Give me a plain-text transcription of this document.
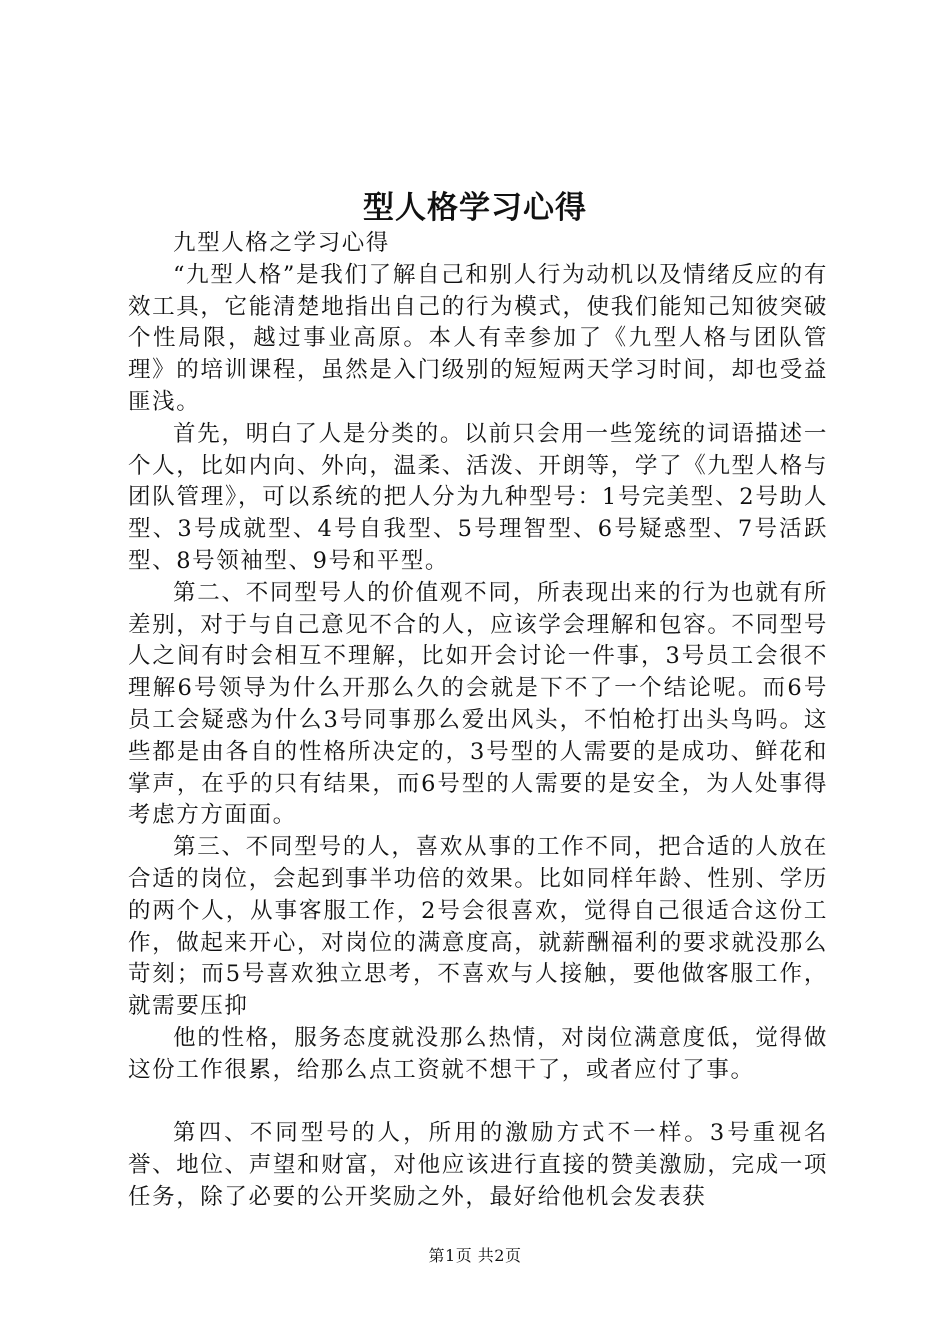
型人格学习心得

九型人格之学习心得

“九型人格”是我们了解自己和别人行为动机以及情绪反应的有效工具，它能清楚地指出自己的行为模式，使我们能知己知彼突破个性局限，越过事业高原。本人有幸参加了《九型人格与团队管理》的培训课程，虽然是入门级别的短短两天学习时间，却也受益匪浅。

首先，明白了人是分类的。以前只会用一些笼统的词语描述一个人，比如内向、外向，温柔、活泼、开朗等，学了《九型人格与团队管理》，可以系统的把人分为九种型号：1号完美型、2号助人型、3号成就型、4号自我型、5号理智型、6号疑惑型、7号活跃型、8号领袖型、9号和平型。

第二、不同型号人的价值观不同，所表现出来的行为也就有所差别，对于与自己意见不合的人，应该学会理解和包容。不同型号人之间有时会相互不理解，比如开会讨论一件事，3号员工会很不理解6号领导为什么开那么久的会就是下不了一个结论呢。而6号员工会疑惑为什么3号同事那么爱出风头，不怕枪打出头鸟吗。这些都是由各自的性格所决定的，3号型的人需要的是成功、鲜花和掌声，在乎的只有结果，而6号型的人需要的是安全，为人处事得考虑方方面面。

第三、不同型号的人，喜欢从事的工作不同，把合适的人放在合适的岗位，会起到事半功倍的效果。比如同样年龄、性别、学历的两个人，从事客服工作，2号会很喜欢，觉得自己很适合这份工作，做起来开心，对岗位的满意度高，就薪酬福利的要求就没那么苛刻；而5号喜欢独立思考，不喜欢与人接触，要他做客服工作，就需要压抑

他的性格，服务态度就没那么热情，对岗位满意度低，觉得做这份工作很累，给那么点工资就不想干了，或者应付了事。

第四、不同型号的人，所用的激励方式不一样。3号重视名誉、地位、声望和财富，对他应该进行直接的赞美激励，完成一项任务，除了必要的公开奖励之外，最好给他机会发表获

第1页 共2页
